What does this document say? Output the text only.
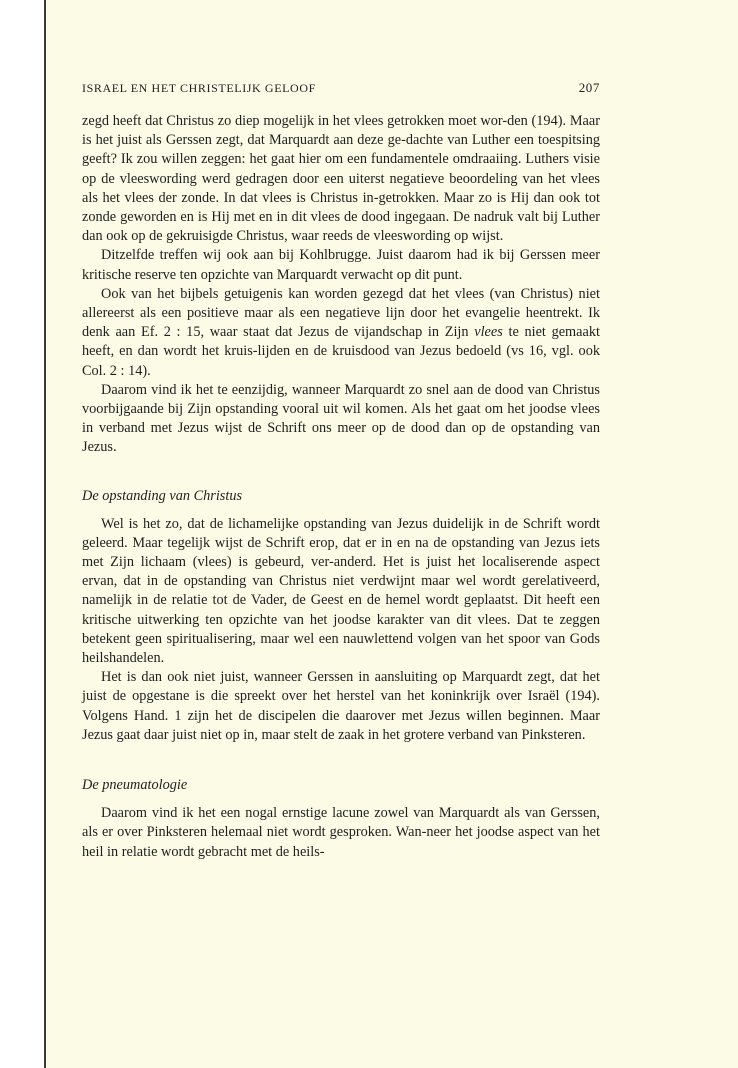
ISRAEL EN HET CHRISTELIJK GELOOF	207

zegd heeft dat Christus zo diep mogelijk in het vlees getrokken moet wor-den (194). Maar is het juist als Gerssen zegt, dat Marquardt aan deze ge-dachte van Luther een toespitsing geeft? Ik zou willen zeggen: het gaat hier om een fundamentele omdraaiing. Luthers visie op de vleeswording werd gedragen door een uiterst negatieve beoordeling van het vlees als het vlees der zonde. In dat vlees is Christus in-getrokken. Maar zo is Hij dan ook tot zonde geworden en is Hij met en in dit vlees de dood ingegaan. De nadruk valt bij Luther dan ook op de gekruisigde Christus, waar reeds de vleeswording op wijst.

Ditzelfde treffen wij ook aan bij Kohlbrugge. Juist daarom had ik bij Gerssen meer kritische reserve ten opzichte van Marquardt verwacht op dit punt.

Ook van het bijbels getuigenis kan worden gezegd dat het vlees (van Christus) niet allereerst als een positieve maar als een negatieve lijn door het evangelie heentrekt. Ik denk aan Ef. 2 : 15, waar staat dat Jezus de vijandschap in Zijn vlees te niet gemaakt heeft, en dan wordt het kruis-lijden en de kruisdood van Jezus bedoeld (vs 16, vgl. ook Col. 2 : 14).

Daarom vind ik het te eenzijdig, wanneer Marquardt zo snel aan de dood van Christus voorbijgaande bij Zijn opstanding vooral uit wil komen. Als het gaat om het joodse vlees in verband met Jezus wijst de Schrift ons meer op de dood dan op de opstanding van Jezus.

De opstanding van Christus

Wel is het zo, dat de lichamelijke opstanding van Jezus duidelijk in de Schrift wordt geleerd. Maar tegelijk wijst de Schrift erop, dat er in en na de opstanding van Jezus iets met Zijn lichaam (vlees) is gebeurd, ver-anderd. Het is juist het localiserende aspect ervan, dat in de opstanding van Christus niet verdwijnt maar wel wordt gerelativeerd, namelijk in de relatie tot de Vader, de Geest en de hemel wordt geplaatst. Dit heeft een kritische uitwerking ten opzichte van het joodse karakter van dit vlees. Dat te zeggen betekent geen spiritualisering, maar wel een nauwlettend volgen van het spoor van Gods heilshandelen.

Het is dan ook niet juist, wanneer Gerssen in aansluiting op Marquardt zegt, dat het juist de opgestane is die spreekt over het herstel van het koninkrijk over Israël (194). Volgens Hand. 1 zijn het de discipelen die daarover met Jezus willen beginnen. Maar Jezus gaat daar juist niet op in, maar stelt de zaak in het grotere verband van Pinksteren.

De pneumatologie

Daarom vind ik het een nogal ernstige lacune zowel van Marquardt als van Gerssen, als er over Pinksteren helemaal niet wordt gesproken. Wan-neer het joodse aspect van het heil in relatie wordt gebracht met de heils-
